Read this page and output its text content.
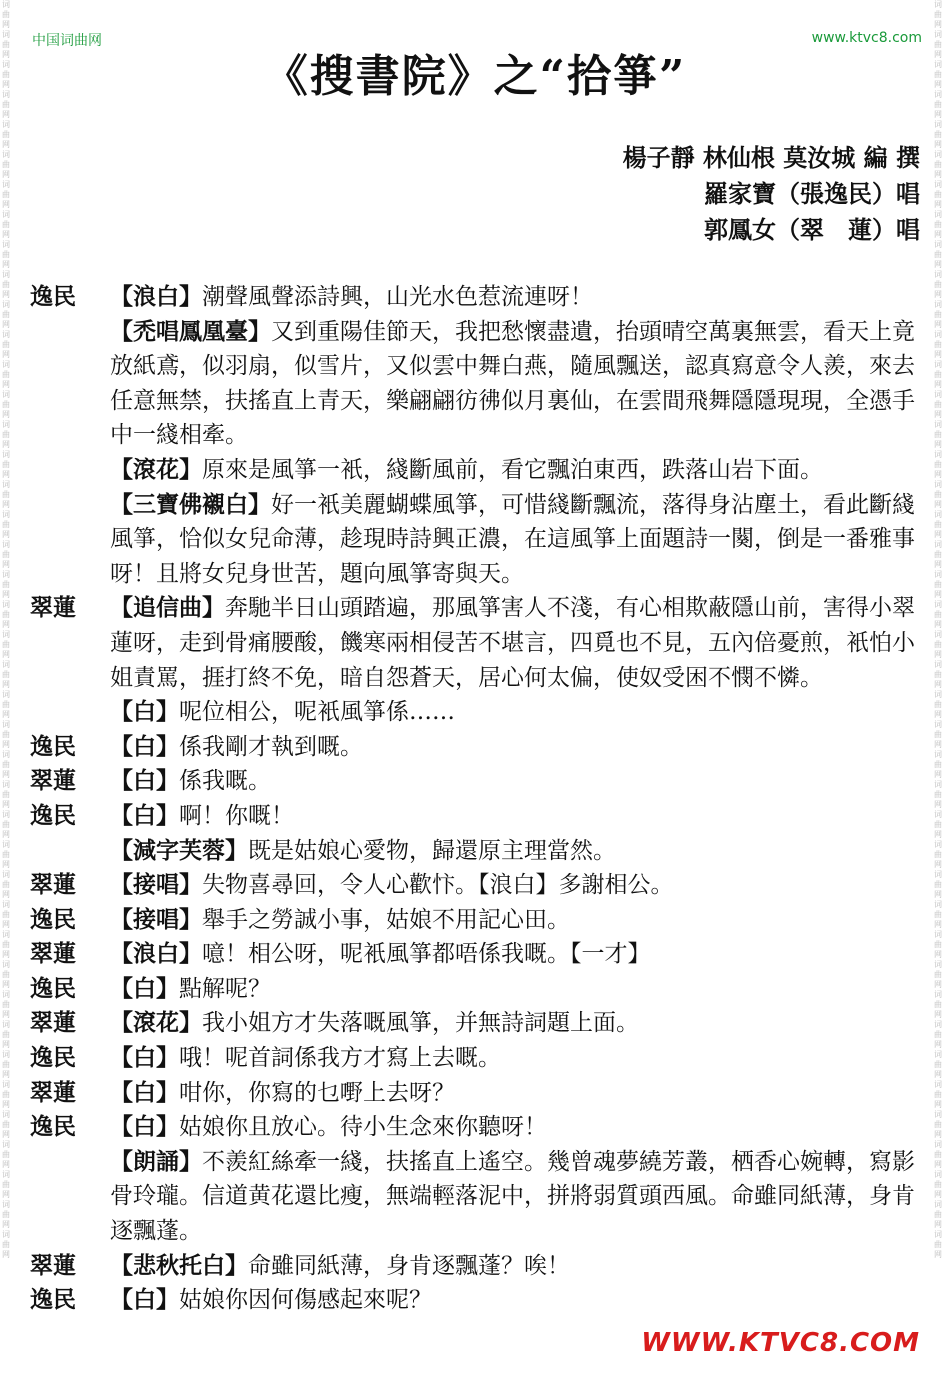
词曲网词曲网词曲网词曲网词曲网词曲网词曲网词曲网词曲网词曲网词曲网词曲网词曲网词曲网词曲网词曲网词曲网词曲网词曲网词曲网词曲网词曲网词曲网词曲网词曲网词曲网词曲网词曲网词曲网词曲网词曲网词曲网词曲网词曲网词曲网词曲网词曲网词曲网词曲网词曲网词曲网词曲网
词曲网词曲网词曲网词曲网词曲网词曲网词曲网词曲网词曲网词曲网词曲网词曲网词曲网词曲网词曲网词曲网词曲网词曲网词曲网词曲网词曲网词曲网词曲网词曲网词曲网词曲网词曲网词曲网词曲网词曲网词曲网词曲网词曲网词曲网词曲网词曲网词曲网词曲网词曲网词曲网词曲网词曲网
中国词曲网	www.ktvc8.com
《搜書院》之“拾箏”
楊子靜 林仙根 莫汝城 編 撰
羅家寶（張逸民）唱
郭鳳女（翠　蓮）唱
逸民	【浪白】潮聲風聲添詩興，山光水色惹流連呀！
【禿唱鳳凰臺】又到重陽佳節天，我把愁懷盡遺，抬頭晴空萬裏無雲，看天上竟放紙鳶，似羽扇，似雪片，又似雲中舞白燕，隨風飄送，認真寫意令人羨，來去任意無禁，扶搖直上青天，樂翩翩彷彿似月裏仙，在雲間飛舞隱隱現現，全憑手中一綫相牽。
【滾花】原來是風箏一衹，綫斷風前，看它飄泊東西，跌落山岩下面。
【三寶佛襯白】好一衹美麗蝴蝶風箏，可惜綫斷飄流，落得身沾塵土，看此斷綫風箏，恰似女兒命薄，趁現時詩興正濃，在這風箏上面題詩一闋，倒是一番雅事呀！且將女兒身世苦，題向風箏寄與天。
翠蓮	【追信曲】奔馳半日山頭踏遍，那風箏害人不淺，有心相欺蔽隱山前，害得小翠蓮呀，走到骨痛腰酸，饑寒兩相侵苦不堪言，四覓也不見，五內倍憂煎，衹怕小姐責罵，捱打終不免，暗自怨蒼天，居心何太偏，使奴受困不憫不憐。
【白】呢位相公，呢衹風箏係……
逸民	【白】係我剛才執到嘅。
翠蓮	【白】係我嘅。
逸民	【白】啊！你嘅！
【減字芙蓉】既是姑娘心愛物，歸還原主理當然。
翠蓮	【接唱】失物喜尋回，令人心歡忭。【浪白】多謝相公。
逸民	【接唱】舉手之勞誠小事，姑娘不用記心田。
翠蓮	【浪白】噫！相公呀，呢衹風箏都唔係我嘅。【一才】
逸民	【白】點解呢？
翠蓮	【滾花】我小姐方才失落嘅風箏，并無詩詞題上面。
逸民	【白】哦！呢首詞係我方才寫上去嘅。
翠蓮	【白】咁你，你寫的乜嘢上去呀？
逸民	【白】姑娘你且放心。待小生念來你聽呀！
【朗誦】不羨紅絲牽一綫，扶搖直上遙空。幾曾魂夢繞芳叢，栖香心婉轉，寫影骨玲瓏。信道黄花還比瘦，無端輕落泥中，拼將弱質頭西風。命雖同紙薄，身肯逐飄蓬。
翠蓮	【悲秋托白】命雖同紙薄，身肯逐飄蓬？唉！
逸民	【白】姑娘你因何傷感起來呢？
WWW.KTVC8.COM
